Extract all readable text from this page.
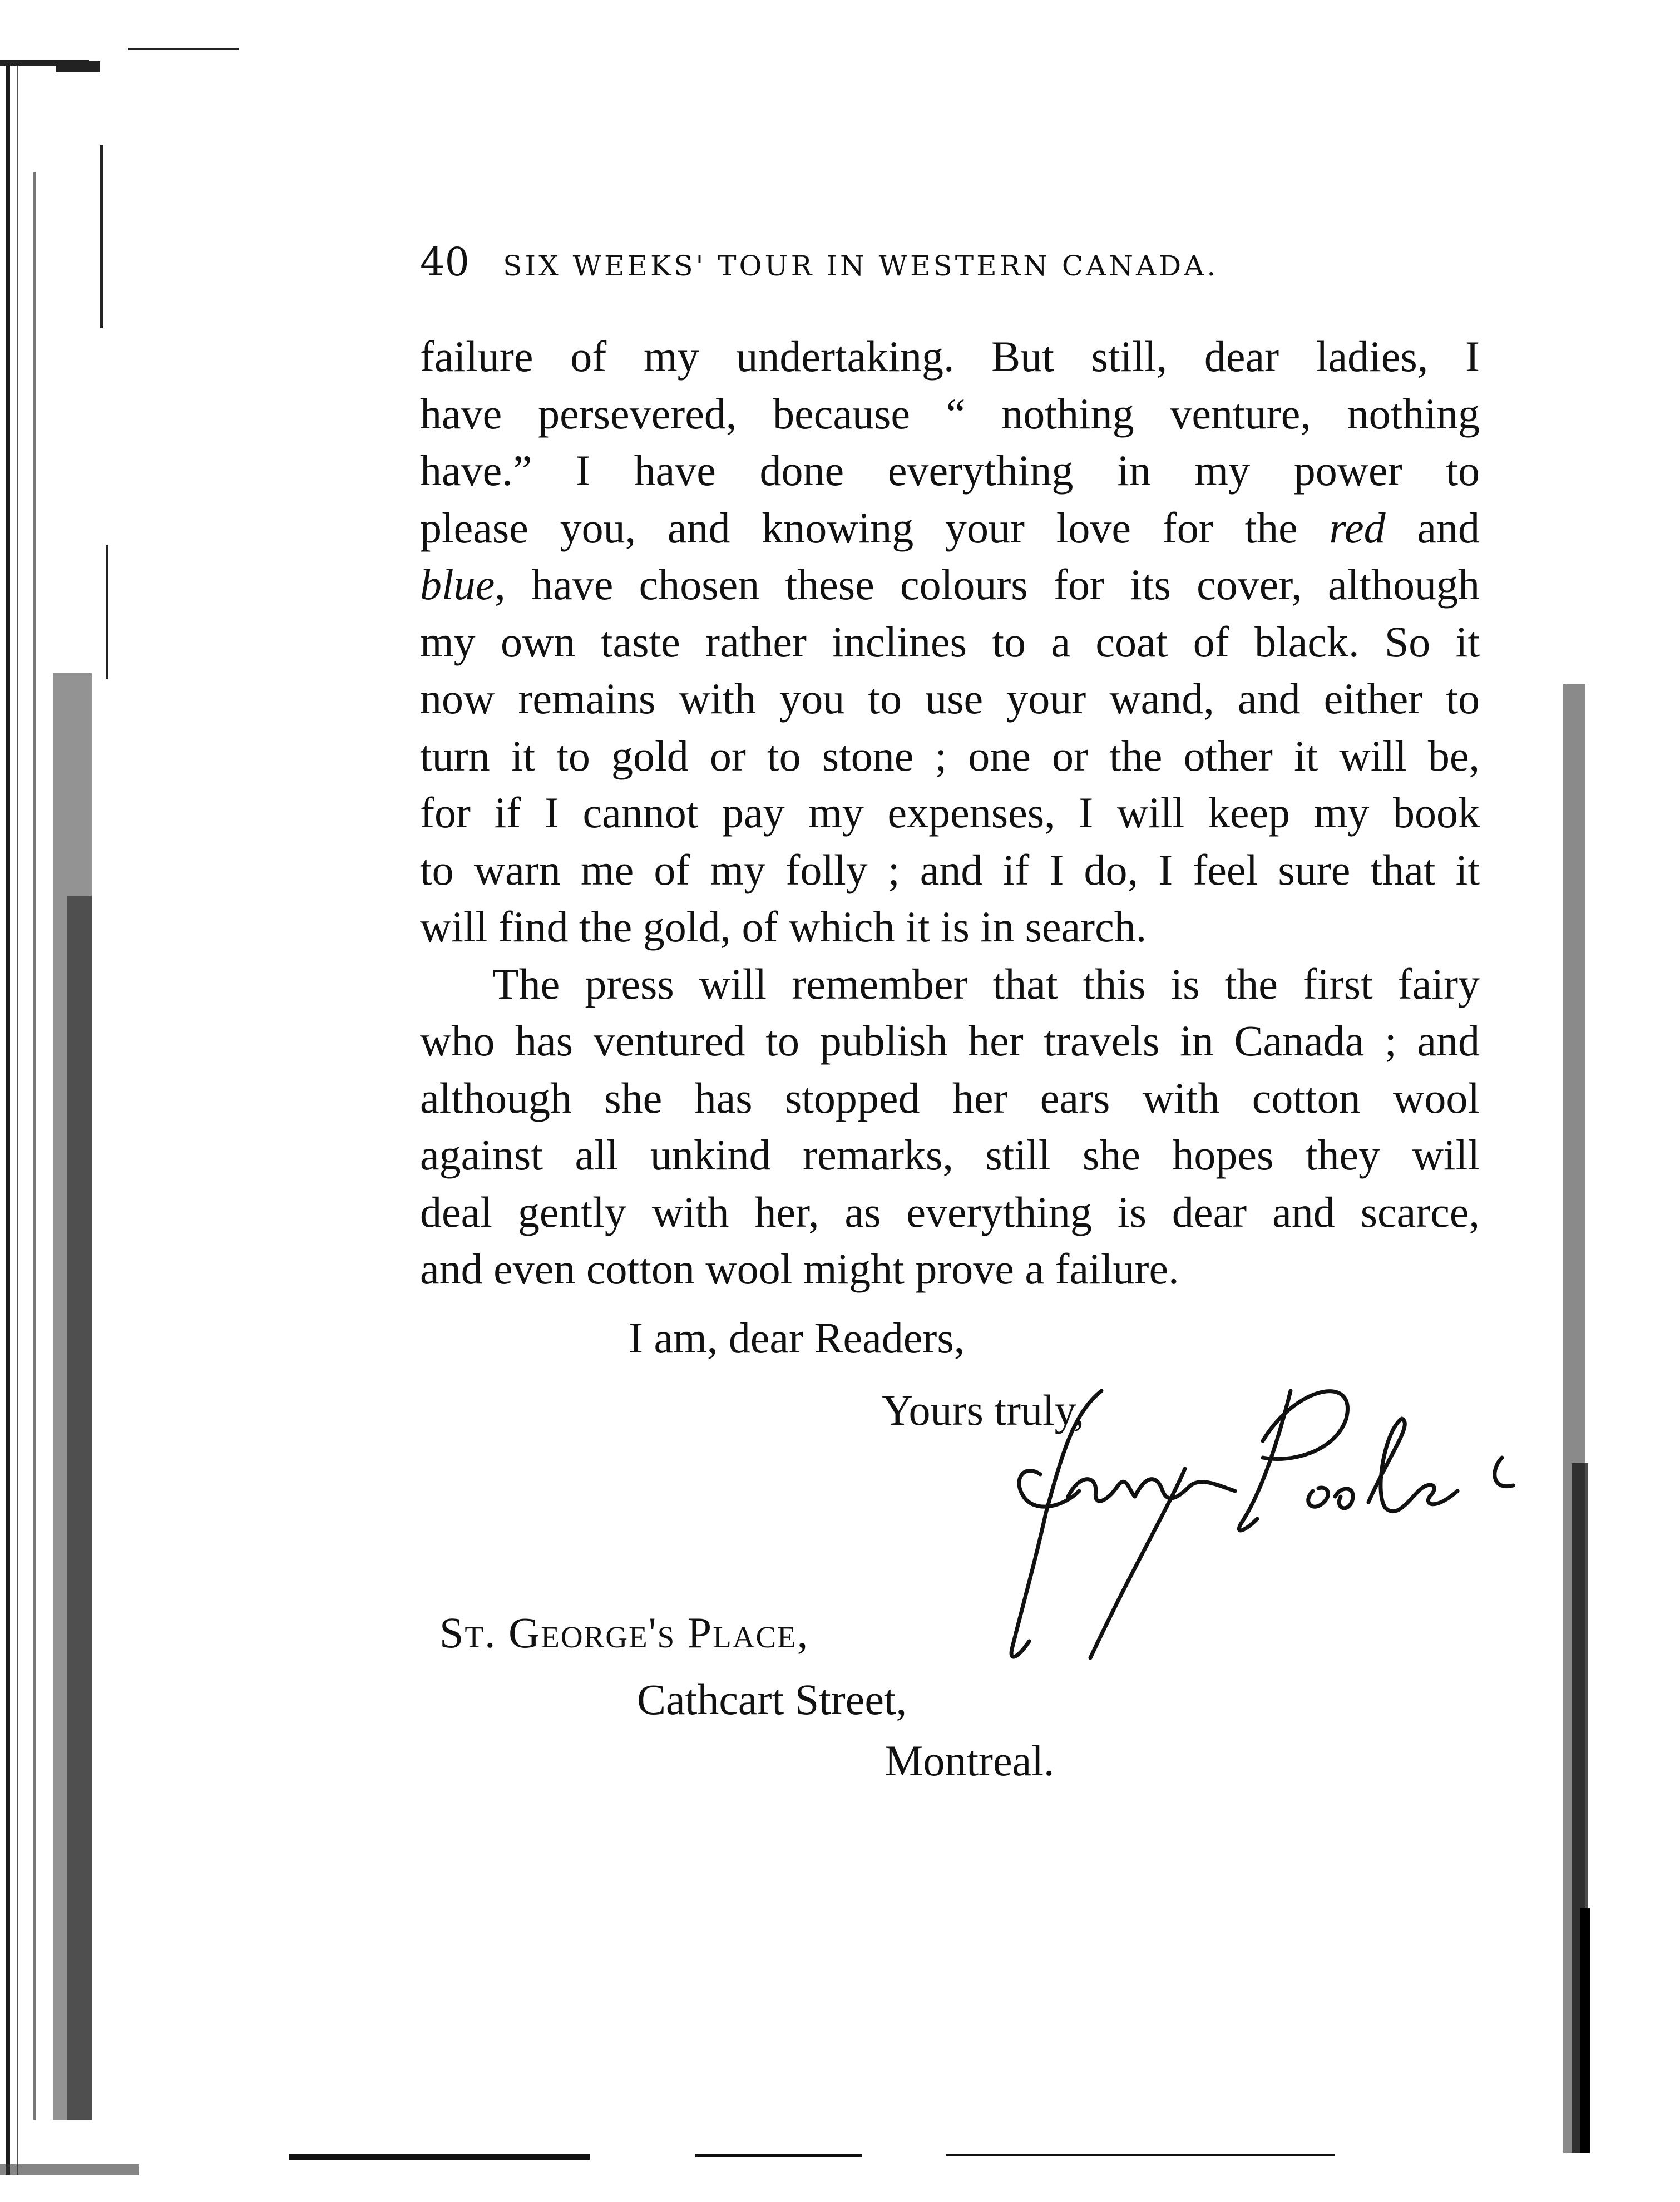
40 SIX WEEKS' TOUR IN WESTERN CANADA.
failure of my undertaking. But still, dear ladies, I
have persevered, because “ nothing venture, nothing
have.” I have done everything in my power to
please you, and knowing your love for the red and
blue, have chosen these colours for its cover, although
my own taste rather inclines to a coat of black. So it
now remains with you to use your wand, and either to
turn it to gold or to stone ; one or the other it will be,
for if I cannot pay my expenses, I will keep my book
to warn me of my folly ; and if I do, I feel sure that it
will find the gold, of which it is in search.
The press will remember that this is the first fairy
who has ventured to publish her travels in Canada ; and
although she has stopped her ears with cotton wool
against all unkind remarks, still she hopes they will
deal gently with her, as everything is dear and scarce,
and even cotton wool might prove a failure.
I am, dear Readers,
Yours truly,
St. George's Place,
Cathcart Street,
Montreal.
